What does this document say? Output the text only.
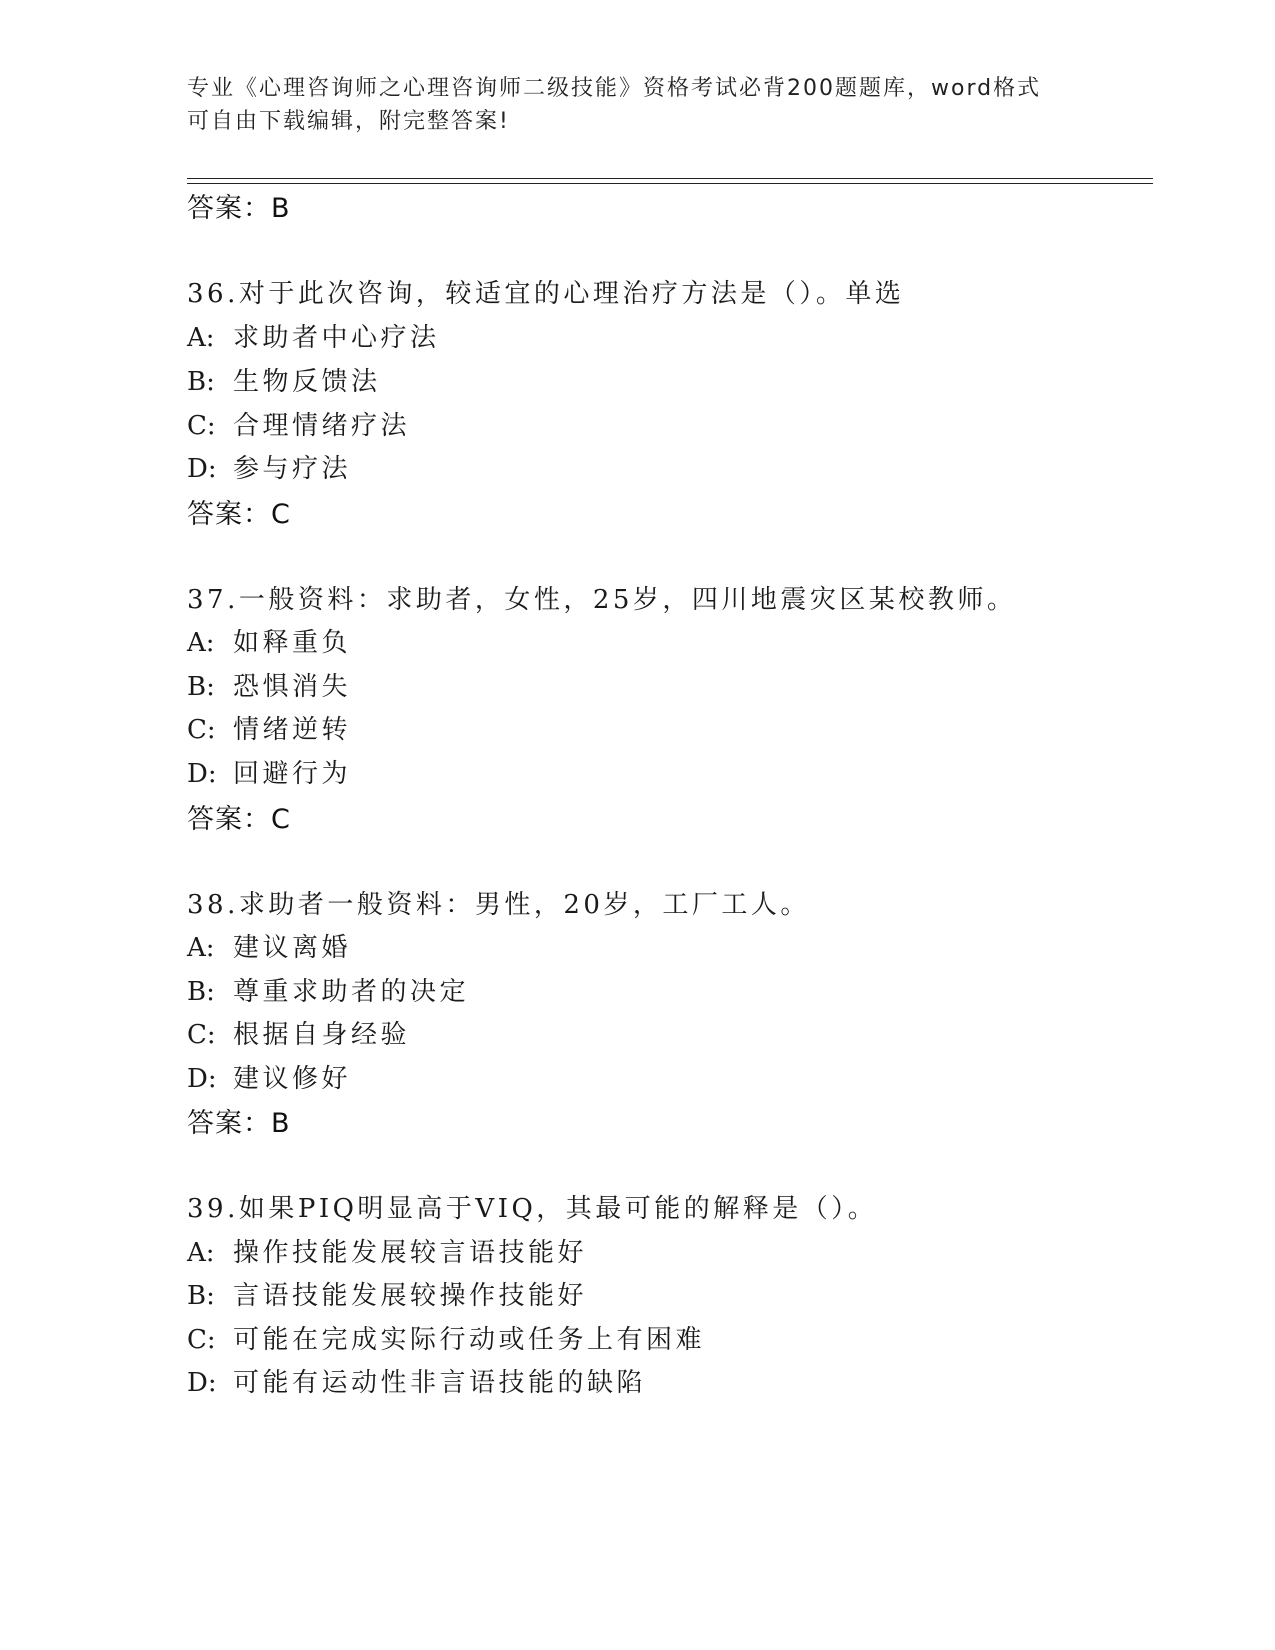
专业《心理咨询师之心理咨询师二级技能》资格考试必背200题题库，word格式
可自由下载编辑，附完整答案!
答案：B
36.对于此次咨询，较适宜的心理治疗方法是（）。单选
A: 求助者中心疗法
B: 生物反馈法
C: 合理情绪疗法
D: 参与疗法
答案：C
37.一般资料：求助者，女性，25岁，四川地震灾区某校教师。
A: 如释重负
B: 恐惧消失
C: 情绪逆转
D: 回避行为
答案：C
38.求助者一般资料：男性，20岁，工厂工人。
A: 建议离婚
B: 尊重求助者的决定
C: 根据自身经验
D: 建议修好
答案：B
39.如果PIQ明显高于VIQ，其最可能的解释是（）。
A: 操作技能发展较言语技能好
B: 言语技能发展较操作技能好
C: 可能在完成实际行动或任务上有困难
D: 可能有运动性非言语技能的缺陷
